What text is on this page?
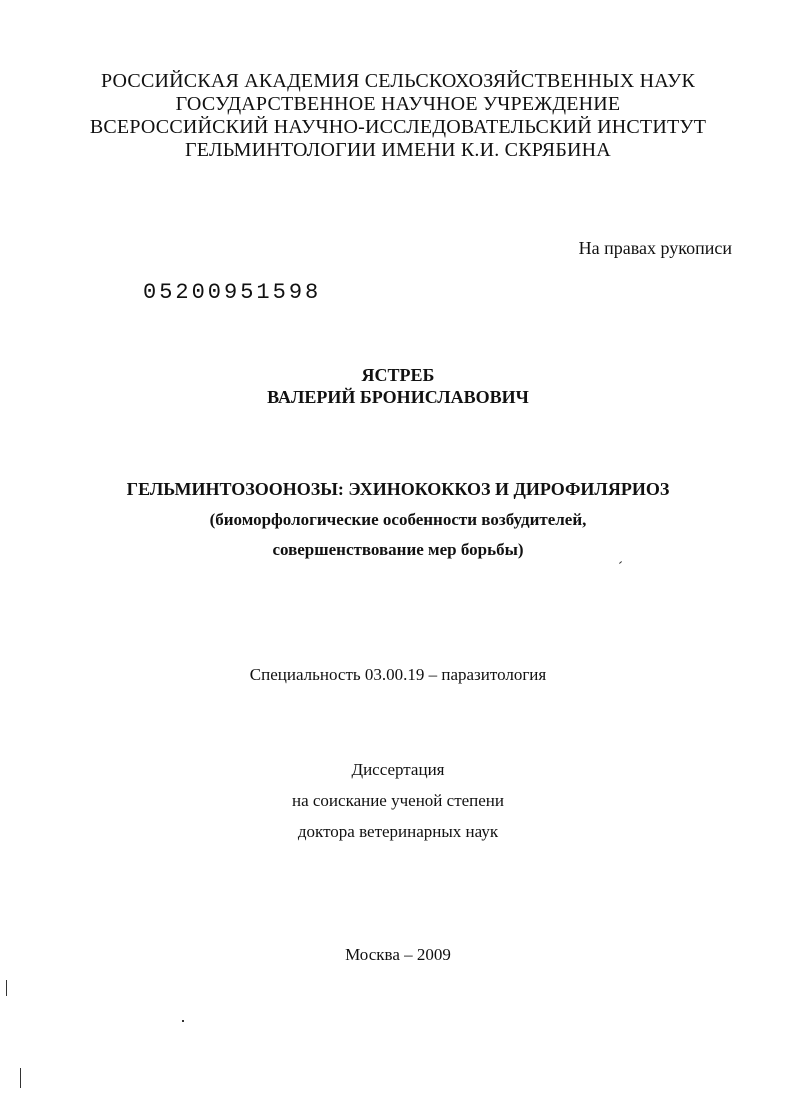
РОССИЙСКАЯ АКАДЕМИЯ СЕЛЬСКОХОЗЯЙСТВЕННЫХ НАУК
ГОСУДАРСТВЕННОЕ НАУЧНОЕ УЧРЕЖДЕНИЕ
ВСЕРОССИЙСКИЙ НАУЧНО-ИССЛЕДОВАТЕЛЬСКИЙ ИНСТИТУТ
ГЕЛЬМИНТОЛОГИИ ИМЕНИ К.И. СКРЯБИНА
На правах рукописи
05200951598
ЯСТРЕБ
ВАЛЕРИЙ БРОНИСЛАВОВИЧ
ГЕЛЬМИНТОЗООНОЗЫ: ЭХИНОКОККОЗ И ДИРОФИЛЯРИОЗ
(биоморфологические особенности возбудителей,
совершенствование мер борьбы)
Специальность 03.00.19 – паразитология
Диссертация
на соискание ученой степени
доктора ветеринарных наук
Москва – 2009
